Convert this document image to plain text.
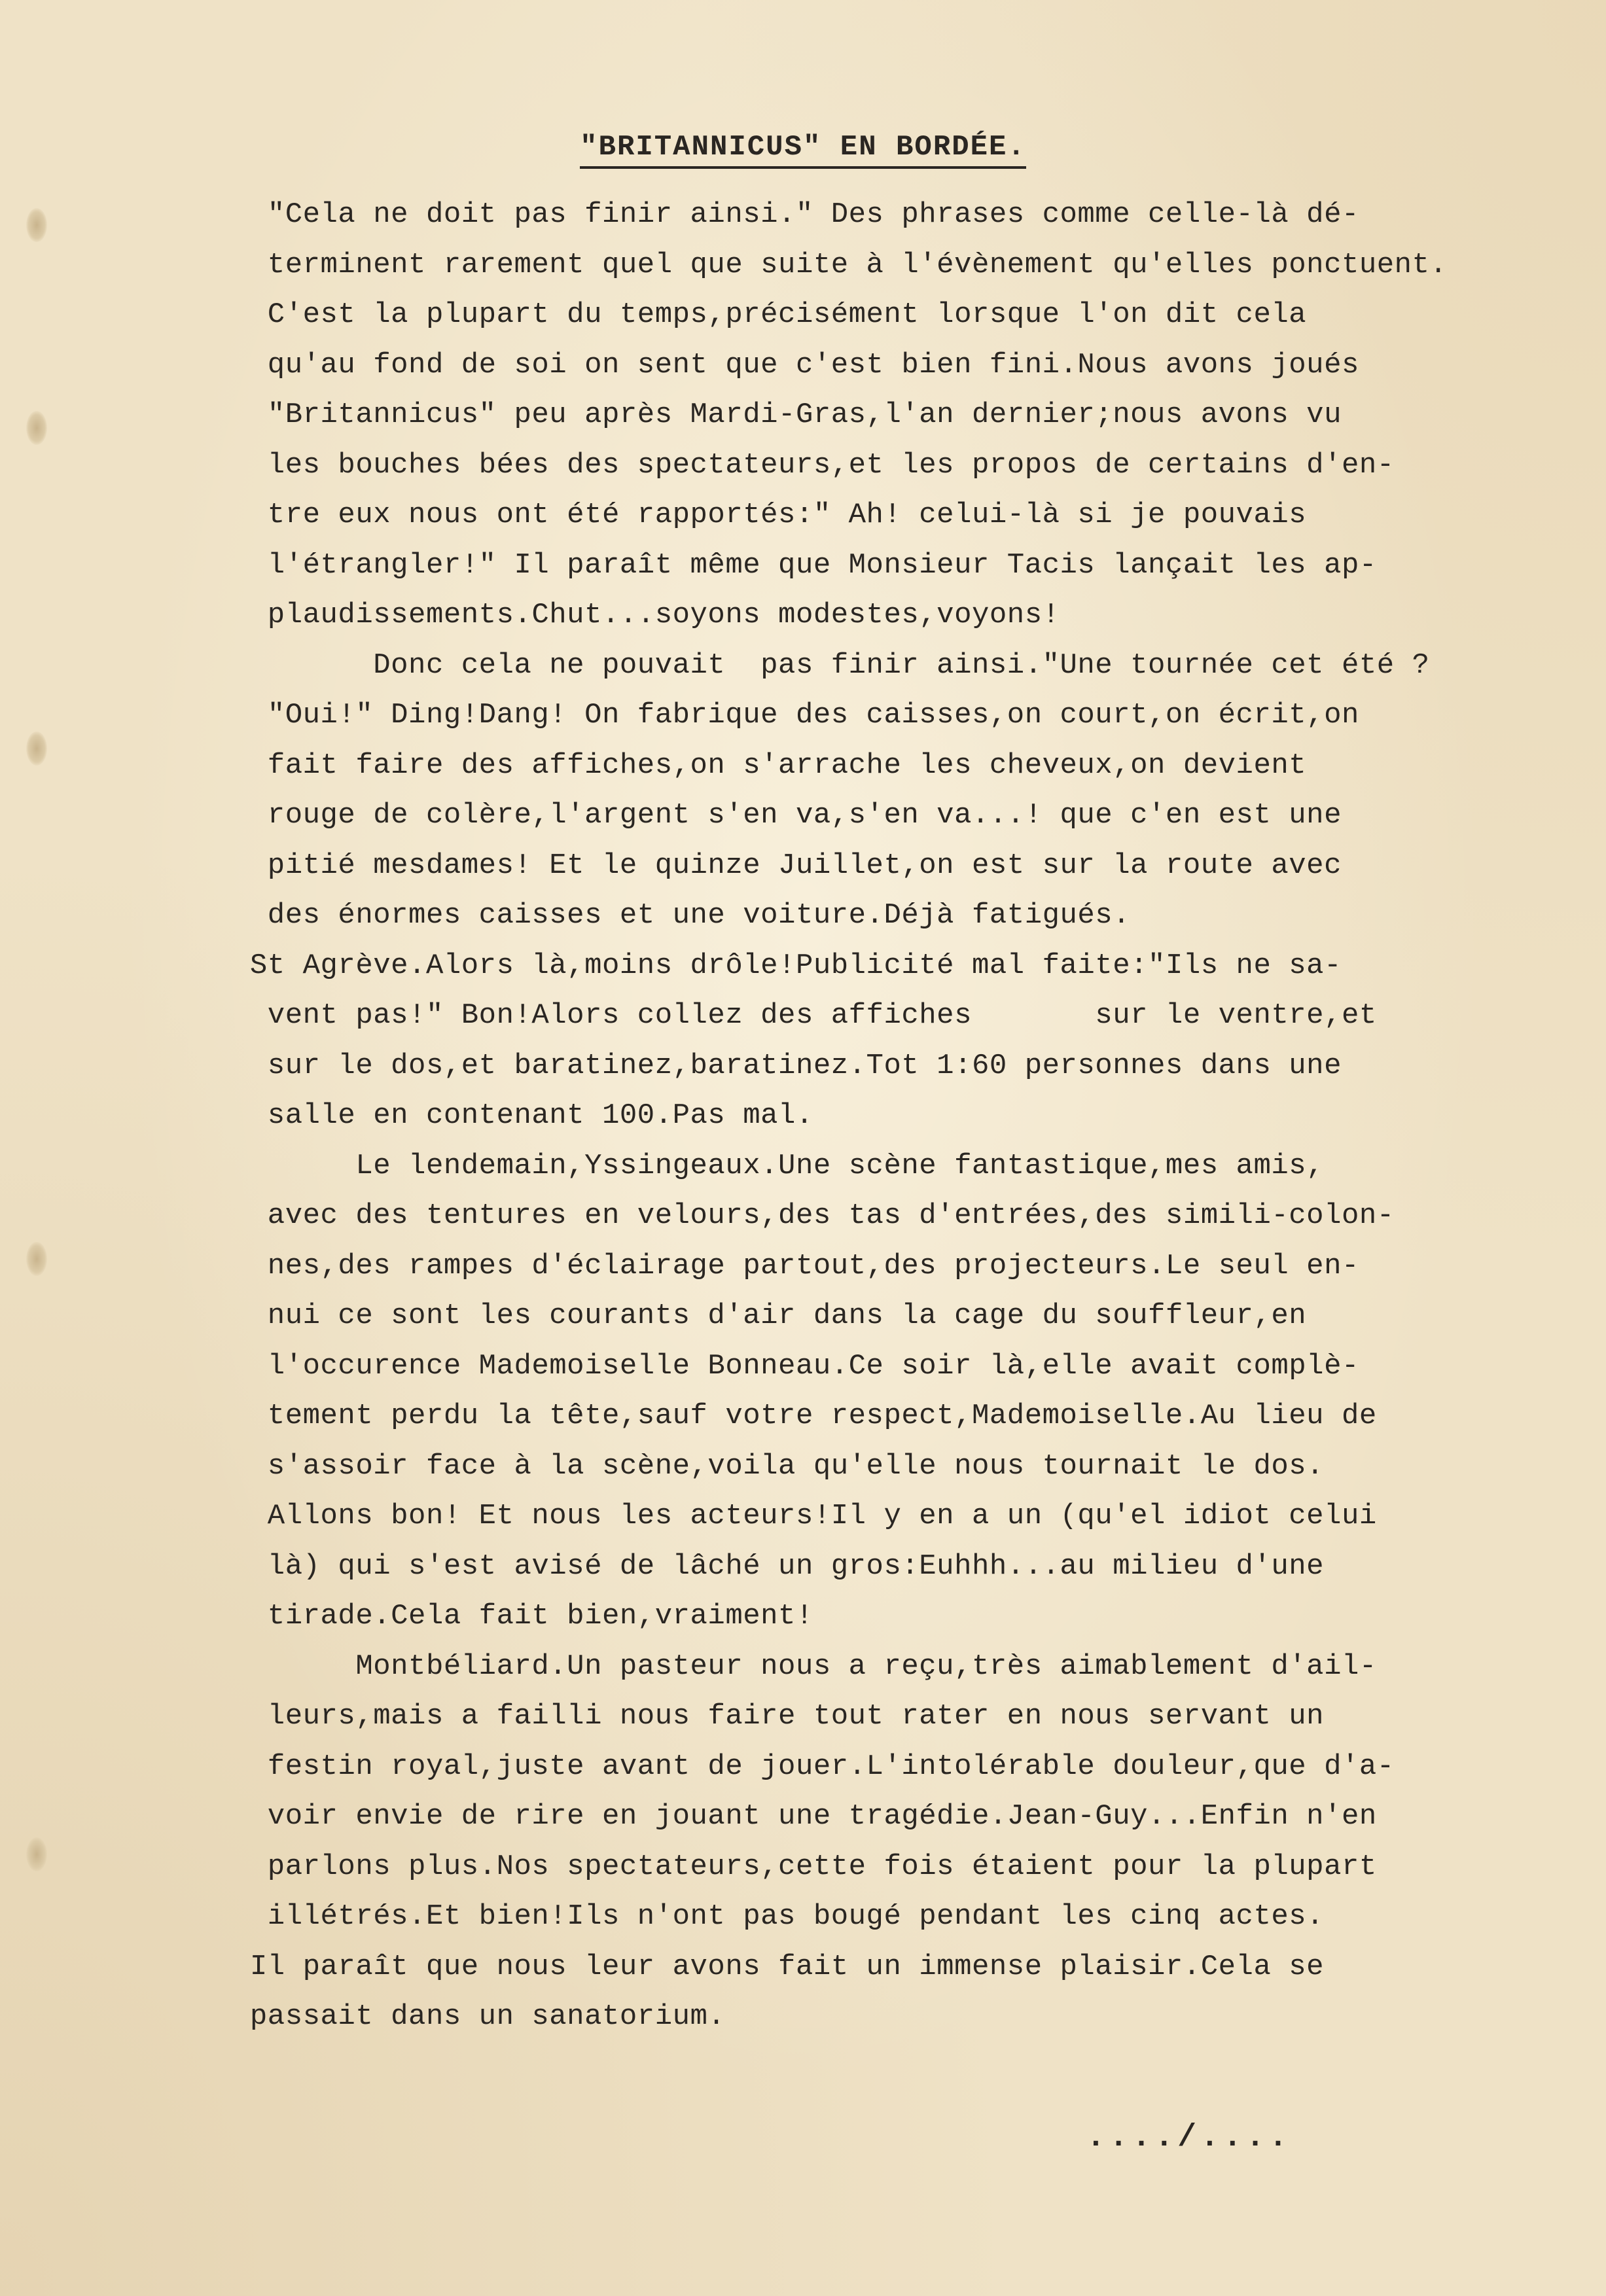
"BRITANNICUS" EN BORDÉE.
"Cela ne doit pas finir ainsi." Des phrases comme celle-là dé-
terminent rarement quel que suite à l'évènement qu'elles ponctuent.
C'est la plupart du temps,précisément lorsque l'on dit cela
qu'au fond de soi on sent que c'est bien fini.Nous avons joués
"Britannicus" peu après Mardi-Gras,l'an dernier;nous avons vu
les bouches bées des spectateurs,et les propos de certains d'en-
tre eux nous ont été rapportés:" Ah! celui-là si je pouvais
l'étrangler!" Il paraît même que Monsieur Tacis lançait les ap-
plaudissements.Chut...soyons modestes,voyons!
Donc cela ne pouvait  pas finir ainsi."Une tournée cet été ?
"Oui!" Ding!Dang! On fabrique des caisses,on court,on écrit,on
fait faire des affiches,on s'arrache les cheveux,on devient
rouge de colère,l'argent s'en va,s'en va...! que c'en est une
pitié mesdames! Et le quinze Juillet,on est sur la route avec
des énormes caisses et une voiture.Déjà fatigués.
St Agrève.Alors là,moins drôle!Publicité mal faite:"Ils ne sa-
vent pas!" Bon!Alors collez des affiches       sur le ventre,et
sur le dos,et baratinez,baratinez.Tot 1:60 personnes dans une
salle en contenant 100.Pas mal.
Le lendemain,Yssingeaux.Une scène fantastique,mes amis,
avec des tentures en velours,des tas d'entrées,des simili-colon-
nes,des rampes d'éclairage partout,des projecteurs.Le seul en-
nui ce sont les courants d'air dans la cage du souffleur,en
l'occurence Mademoiselle Bonneau.Ce soir là,elle avait complè-
tement perdu la tête,sauf votre respect,Mademoiselle.Au lieu de
s'assoir face à la scène,voila qu'elle nous tournait le dos.
Allons bon! Et nous les acteurs!Il y en a un (qu'el idiot celui
là) qui s'est avisé de lâché un gros:Euhhh...au milieu d'une
tirade.Cela fait bien,vraiment!
Montbéliard.Un pasteur nous a reçu,très aimablement d'ail-
leurs,mais a failli nous faire tout rater en nous servant un
festin royal,juste avant de jouer.L'intolérable douleur,que d'a-
voir envie de rire en jouant une tragédie.Jean-Guy...Enfin n'en
parlons plus.Nos spectateurs,cette fois étaient pour la plupart
illétrés.Et bien!Ils n'ont pas bougé pendant les cinq actes.
Il paraît que nous leur avons fait un immense plaisir.Cela se
passait dans un sanatorium.
..../....
